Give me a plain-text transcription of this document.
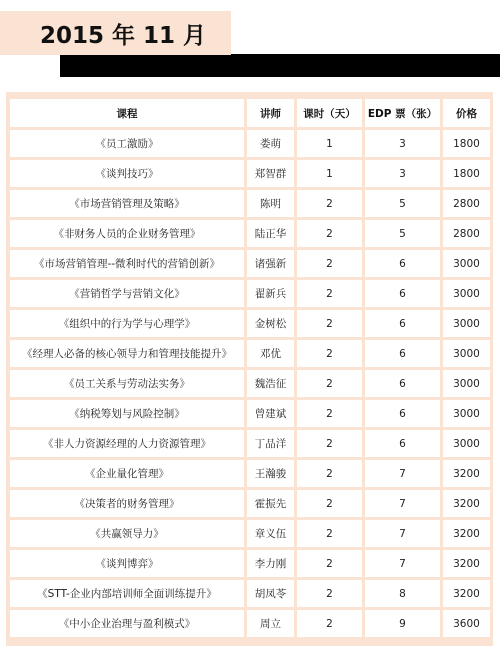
2015 年 11 月
课程	讲师	课时（天）	EDP 票（张）	价格
《员工激励》	娄萌	1	3	1800
《谈判技巧》	郑智群	1	3	1800
《市场营销管理及策略》	陈明	2	5	2800
《非财务人员的企业财务管理》	陆正华	2	5	2800
《市场营销管理--微利时代的营销创新》	诸强新	2	6	3000
《营销哲学与营销文化》	翟新兵	2	6	3000
《组织中的行为学与心理学》	金树松	2	6	3000
《经理人必备的核心领导力和管理技能提升》	邓优	2	6	3000
《员工关系与劳动法实务》	魏浩征	2	6	3000
《纳税筹划与风险控制》	曾建斌	2	6	3000
《非人力资源经理的人力资源管理》	丁品洋	2	6	3000
《企业量化管理》	王瀚骏	2	7	3200
《决策者的财务管理》	霍振先	2	7	3200
《共赢领导力》	章义伍	2	7	3200
《谈判博弈》	李力刚	2	7	3200
《STT-企业内部培训师全面训练提升》	胡凤苓	2	8	3200
《中小企业治理与盈利模式》	周立	2	9	3600
